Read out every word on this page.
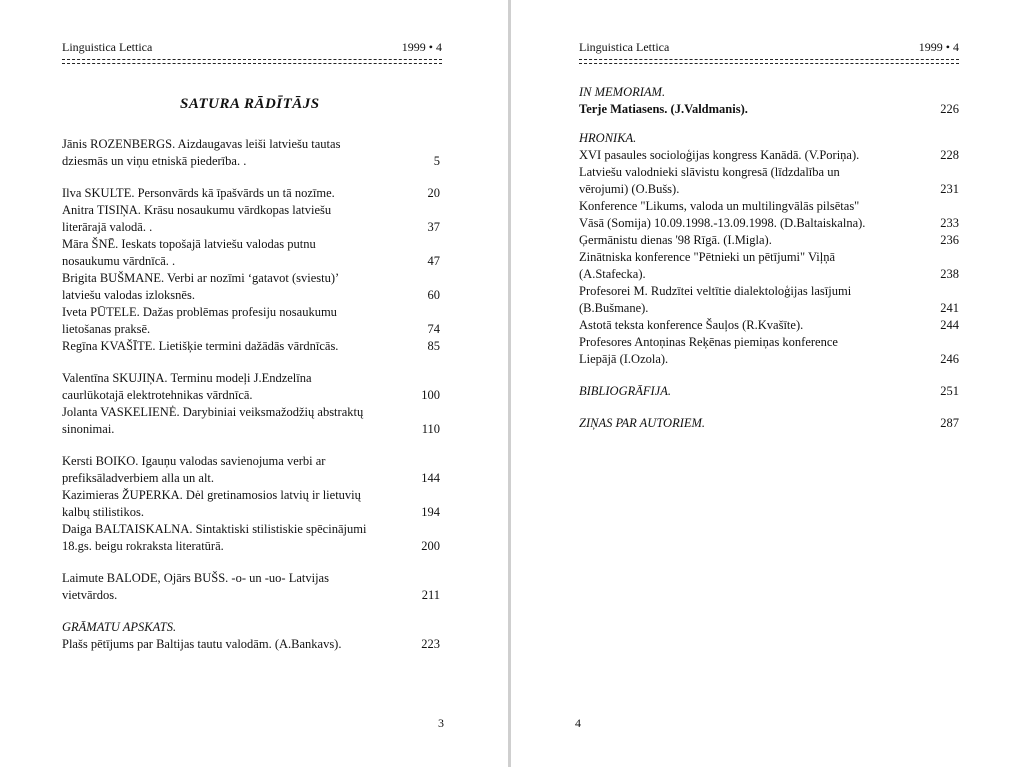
Linguistica Lettica	1999 • 4
SATURA RĀDĪTĀJS
Jānis ROZENBERGS. Aizdaugavas leiši latviešu tautas
dziesmās un viņu etniskā piederība. .	5
Ilva SKULTE. Personvārds kā īpašvārds un tā nozīme.	20
Anitra TISIŅA. Krāsu nosaukumu vārdkopas latviešu
literārajā valodā. .	37
Māra ŠNĒ. Ieskats topošajā latviešu valodas putnu
nosaukumu vārdnīcā. .	47
Brigita BUŠMANE. Verbi ar nozīmi ‘gatavot (sviestu)’
latviešu valodas izloksnēs.	60
Iveta PŪTELE. Dažas problēmas profesiju nosaukumu
lietošanas praksē.	74
Regīna KVAŠĪTE. Lietišķie termini dažādās vārdnīcās.	85
Valentīna SKUJIŅA. Terminu modeļi J.Endzelīna
caurlūkotajā elektrotehnikas vārdnīcā.	100
Jolanta VASKELIENĖ. Darybiniai veiksmažodžių abstraktų
sinonimai.	110
Kersti BOIKO. Igauņu valodas savienojuma verbi ar
prefiksāladverbiem alla un alt.	144
Kazimieras ŽUPERKA. Dėl gretinamosios latvių ir lietuvių
kalbų stilistikos.	194
Daiga BALTAISKALNA. Sintaktiski stilistiskie spēcinājumi
18.gs. beigu rokraksta literatūrā.	200
Laimute BALODE, Ojārs BUŠS. -o- un -uo- Latvijas
vietvārdos.	211
GRĀMATU APSKATS.
Plašs pētījums par Baltijas tautu valodām. (A.Bankavs).	223
3
Linguistica Lettica	1999 • 4
IN MEMORIAM.
Terje Matiasens. (J.Valdmanis).	226
HRONIKA.
XVI pasaules socioloģijas kongress Kanādā. (V.Poriņa).	228
Latviešu valodnieki slāvistu kongresā (līdzdalība un
vērojumi) (O.Bušs).	231
Konference "Likums, valoda un multilingvālās pilsētas"
Vāsā (Somija) 10.09.1998.-13.09.1998. (D.Baltaiskalna).	233
Ģermānistu dienas '98 Rīgā. (I.Migla).	236
Zinātniska konference "Pētnieki un pētījumi" Viļņā
(A.Stafecka).	238
Profesorei M. Rudzītei veltītie dialektoloģijas lasījumi
(B.Bušmane).	241
Astotā teksta konference Šauļos (R.Kvašīte).	244
Profesores Antoņinas Reķēnas piemiņas konference
Liepājā (I.Ozola).	246
BIBLIOGRĀFIJA.	251
ZIŅAS PAR AUTORIEM.	287
4
